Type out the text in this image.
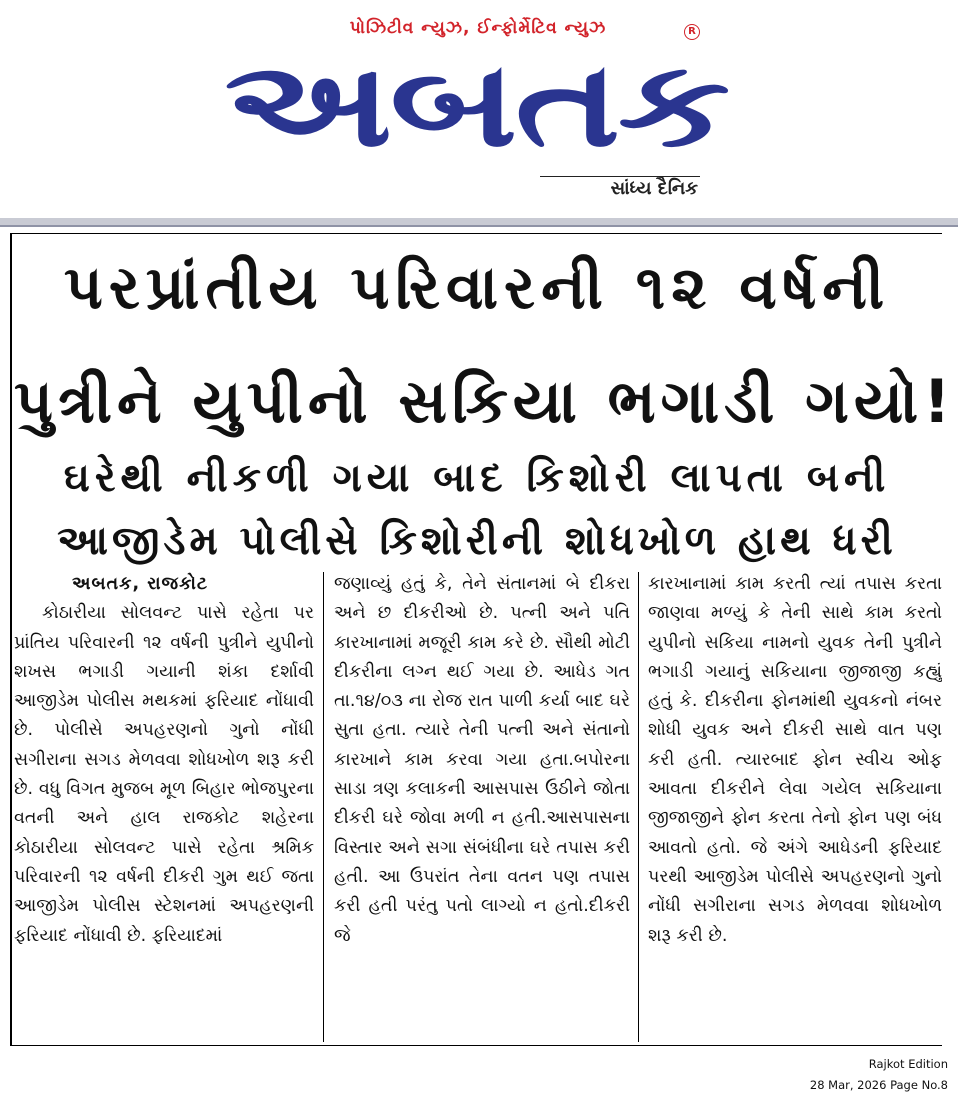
પોઝિટીવ ન્યુઝ, ઈન્ફોર્મેટિવ ન્યુઝ	R
અબતક
સાંધ્ય દૈનિક
પરપ્રાંતીય પરિવારની ૧૨ વર્ષની
પુત્રીને યુપીનો સકિયા ભગાડી ગયો!
ઘરેથી નીકળી ગયા બાદ કિશોરી લાપતા બની
આજીડેમ પોલીસે કિશોરીની શોધખોળ હાથ ધરી

અબતક, રાજકોટ

કોઠારીયા સોલવન્ટ પાસે રહેતા પર પ્રાંતિય પરિવારની ૧૨ વર્ષની પુત્રીને યુપીનો શખસ ભગાડી ગયાની શંકા દર્શાવી આજીડેમ પોલીસ મથકમાં ફરિયાદ નોંધાવી છે. પોલીસે અપહરણનો ગુનો નોંધી સગીરાના સગડ મેળવવા શોધખોળ શરૂ કરી છે. વધુ વિગત મુજબ મૂળ બિહાર ભોજપુરના વતની અને હાલ રાજકોટ શહેરના કોઠારીયા સોલવન્ટ પાસે રહેતા શ્રમિક પરિવારની ૧૨ વર્ષની દીકરી ગુમ થઈ જતા આજીડેમ પોલીસ સ્ટેશનમાં અપહરણની ફરિયાદ નોંધાવી છે. ફરિયાદમાં

જણાવ્યું હતું કે, તેને સંતાનમાં બે દીકરા અને છ દીકરીઓ છે. પત્ની અને પતિ કારખાનામાં મજૂરી કામ કરે છે. સૌથી મોટી દીકરીના લગ્ન થઈ ગયા છે. આધેડ ગત તા.૧૪/૦૩ ના રોજ રાત પાળી કર્યા બાદ ઘરે સુતા હતા. ત્યારે તેની પત્ની અને સંતાનો કારખાને કામ કરવા ગયા હતા.બપોરના સાડા ત્રણ કલાકની આસપાસ ઉઠીને જોતા દીકરી ઘરે જોવા મળી ન હતી.આસપાસના વિસ્તાર અને સગા સંબંધીના ઘરે તપાસ કરી હતી. આ ઉપરાંત તેના વતન પણ તપાસ કરી હતી પરંતુ પતો લાગ્યો ન હતો.દીકરી જે

કારખાનામાં કામ કરતી ત્યાં તપાસ કરતા જાણવા મળ્યું કે તેની સાથે કામ કરતો યુપીનો સકિયા નામનો યુવક તેની પુત્રીને ભગાડી ગયાનું સકિયાના જીજાજી કહ્યું હતું કે. દીકરીના ફોનમાંથી યુવકનો નંબર શોધી યુવક અને દીકરી સાથે વાત પણ કરી હતી. ત્યારબાદ ફોન સ્વીચ ઓફ આવતા દીકરીને લેવા ગયેલ સકિયાના જીજાજીને ફોન કરતા તેનો ફોન પણ બંધ આવતો હતો. જે અંગે આધેડની ફરિયાદ પરથી આજીડેમ પોલીસે અપહરણનો ગુનો નોંધી સગીરાના સગડ મેળવવા શોધખોળ શરૂ કરી છે.

Rajkot Edition
28 Mar, 2026 Page No.8
